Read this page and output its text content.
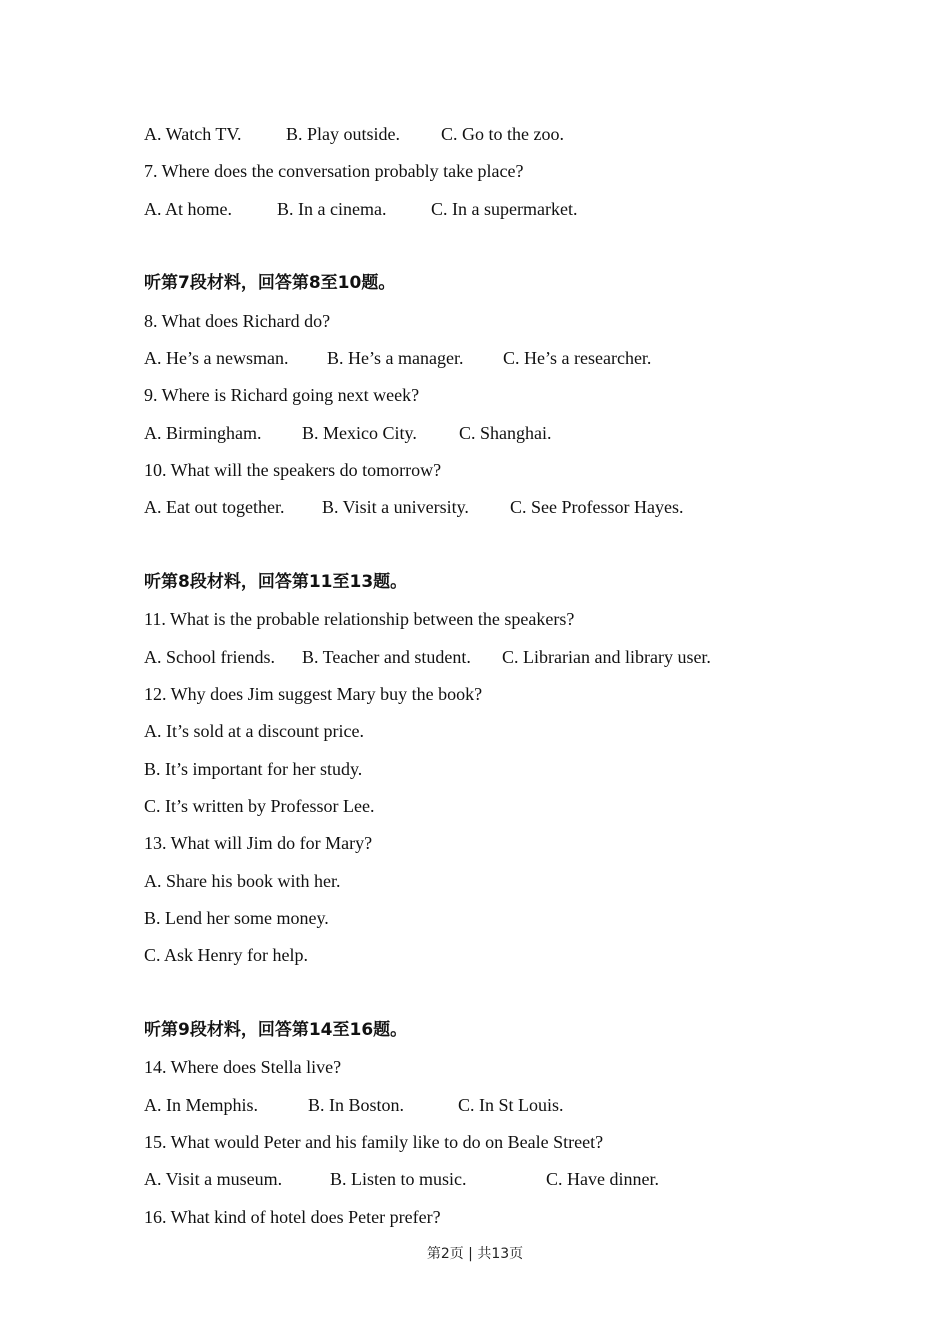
A. Watch TV. B. Play outside. C. Go to the zoo.
7. Where does the conversation probably take place?
A. At home.	B. In a cinema. C. In a supermarket.
听第7段材料，回答第8至10题。
8. What does Richard do?
A. He’s a newsman. B. He’s a manager. C. He’s a researcher.
9. Where is Richard going next week?
A. Birmingham. B. Mexico City. C. Shanghai.
10. What will the speakers do tomorrow?
A. Eat out together. B. Visit a university. C. See Professor Hayes.
听第8段材料，回答第11至13题。
11. What is the probable relationship between the speakers?
A. School friends. B. Teacher and student. C. Librarian and library user.
12. Why does Jim suggest Mary buy the book?
A. It’s sold at a discount price.
B. It’s important for her study.
C. It’s written by Professor Lee.
13. What will Jim do for Mary?
A. Share his book with her.
B. Lend her some money.
C. Ask Henry for help.
听第9段材料，回答第14至16题。
14. Where does Stella live?
A. In Memphis.	B. In Boston.	C. In St Louis.
15. What would Peter and his family like to do on Beale Street?
A. Visit a museum.	B. Listen to music.	C. Have dinner.
16. What kind of hotel does Peter prefer?
第2页 | 共13页
